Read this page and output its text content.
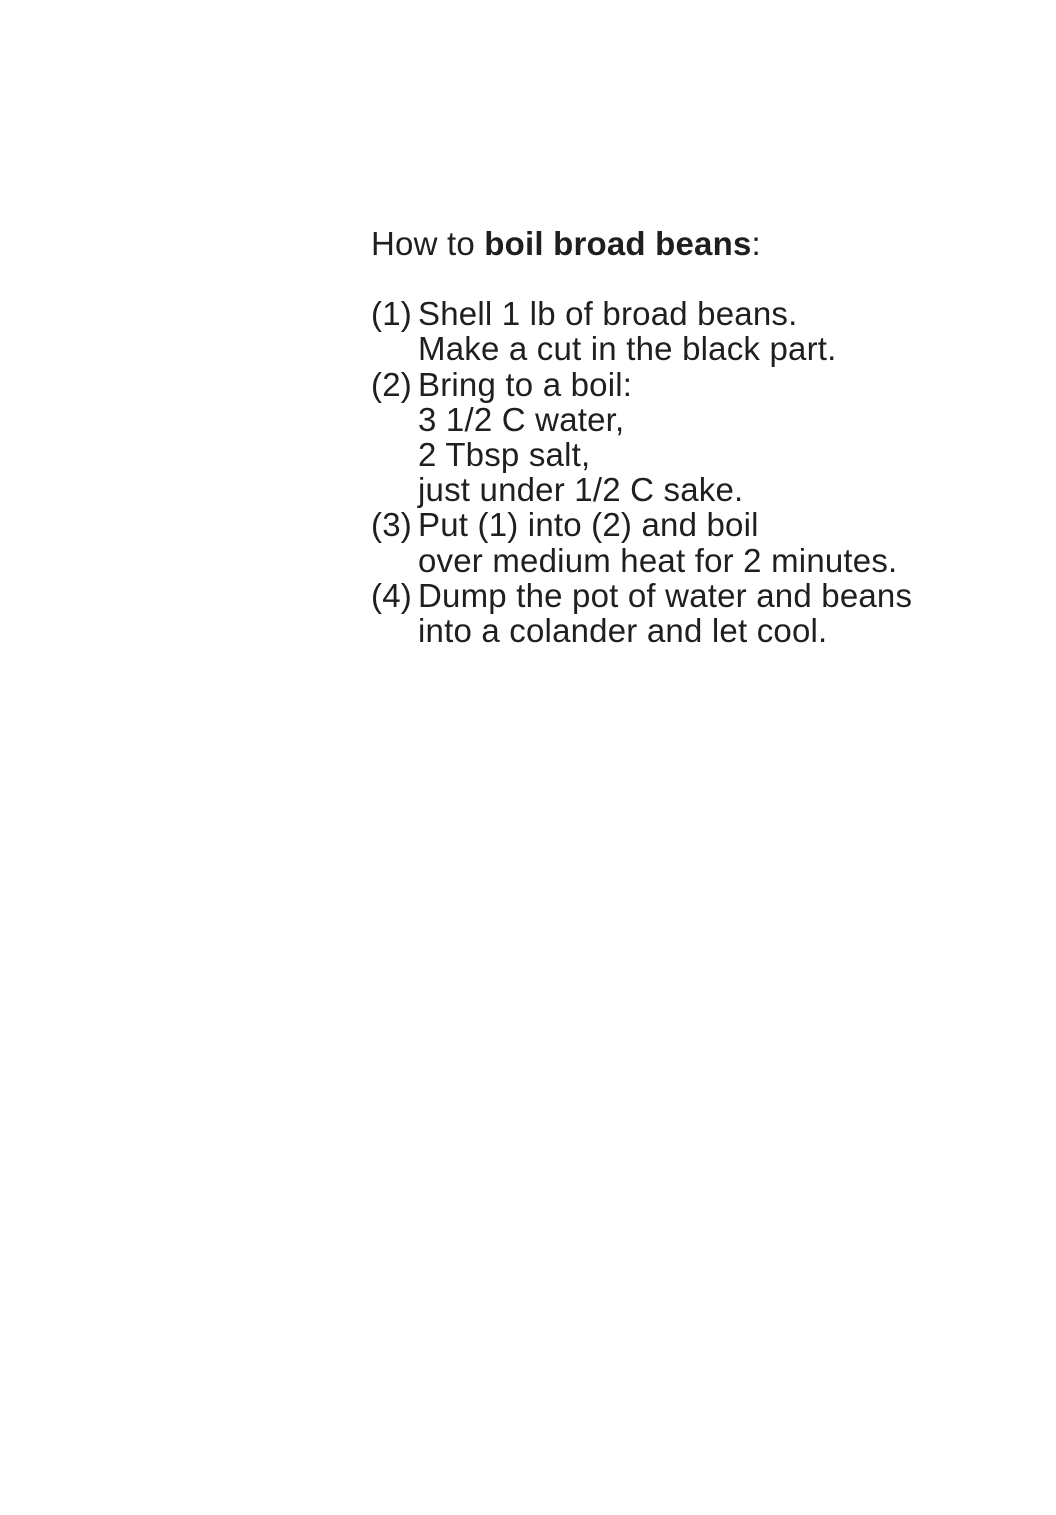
How to boil broad beans:
(1) Shell 1 lb of broad beans.
Make a cut in the black part.
(2) Bring to a boil:
3 1/2 C water,
2 Tbsp salt,
just under 1/2 C sake.
(3) Put (1) into (2) and boil
over medium heat for 2 minutes.
(4) Dump the pot of water and beans
into a colander and let cool.
